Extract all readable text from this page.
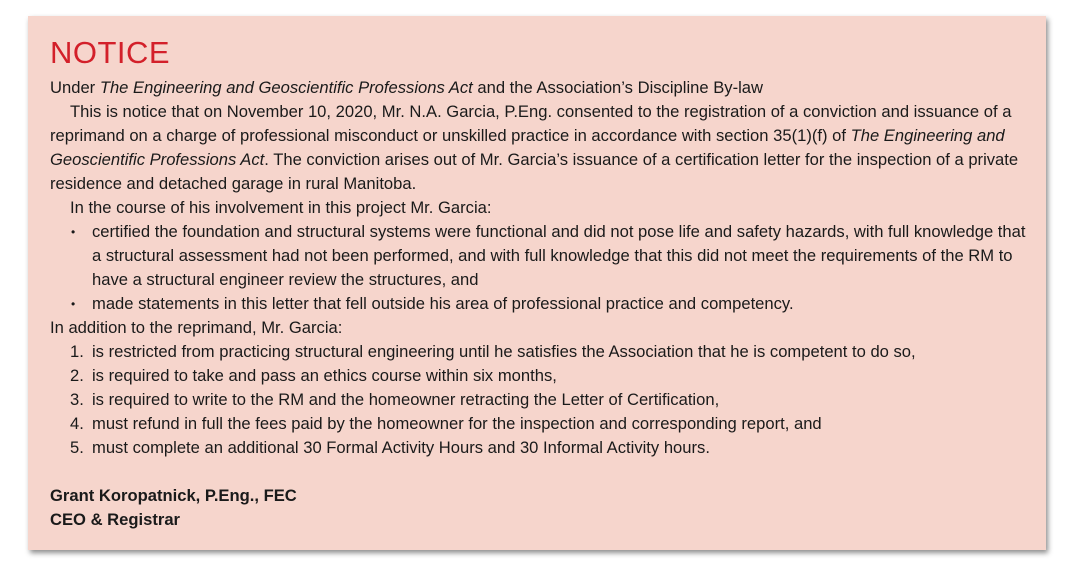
NOTICE

Under The Engineering and Geoscientific Professions Act and the Association’s Discipline By-law

This is notice that on November 10, 2020, Mr. N.A. Garcia, P.Eng. consented to the registration of a conviction and issuance of a reprimand on a charge of professional misconduct or unskilled practice in accordance with section 35(1)(f) of The Engineering and Geoscientific Professions Act. The conviction arises out of Mr. Garcia’s issuance of a certification letter for the inspection of a private residence and detached garage in rural Manitoba.

In the course of his involvement in this project Mr. Garcia:

• certified the foundation and structural systems were functional and did not pose life and safety hazards, with full knowledge that a structural assessment had not been performed, and with full knowledge that this did not meet the requirements of the RM to have a structural engineer review the structures, and
• made statements in this letter that fell outside his area of professional practice and competency.

In addition to the reprimand, Mr. Garcia:

1. is restricted from practicing structural engineering until he satisfies the Association that he is competent to do so,
2. is required to take and pass an ethics course within six months,
3. is required to write to the RM and the homeowner retracting the Letter of Certification,
4. must refund in full the fees paid by the homeowner for the inspection and corresponding report, and
5. must complete an additional 30 Formal Activity Hours and 30 Informal Activity hours.
Grant Koropatnick, P.Eng., FEC
CEO & Registrar
